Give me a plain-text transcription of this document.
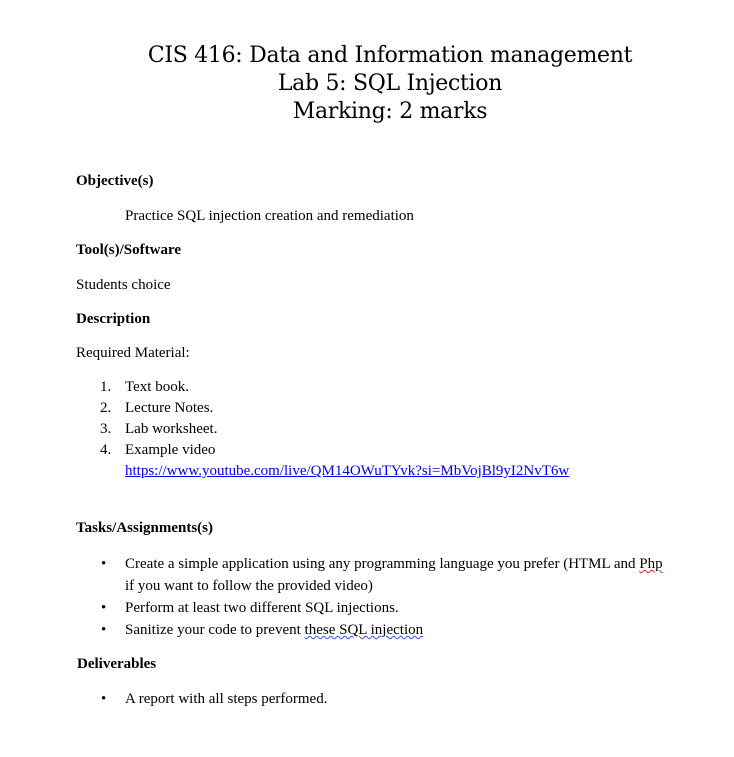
CIS 416: Data and Information management
Lab 5: SQL Injection
Marking: 2 marks
Objective(s)
Practice SQL injection creation and remediation
Tool(s)/Software
Students choice
Description
Required Material:
1. Text book.
2. Lecture Notes.
3. Lab worksheet.
4. Example video
https://www.youtube.com/live/QM14OWuTYvk?si=MbVojBl9yI2NvT6w
Tasks/Assignments(s)
• Create a simple application using any programming language you prefer (HTML and Php
if you want to follow the provided video)
• Perform at least two different SQL injections.
• Sanitize your code to prevent these SQL injection
Deliverables
• A report with all steps performed.
